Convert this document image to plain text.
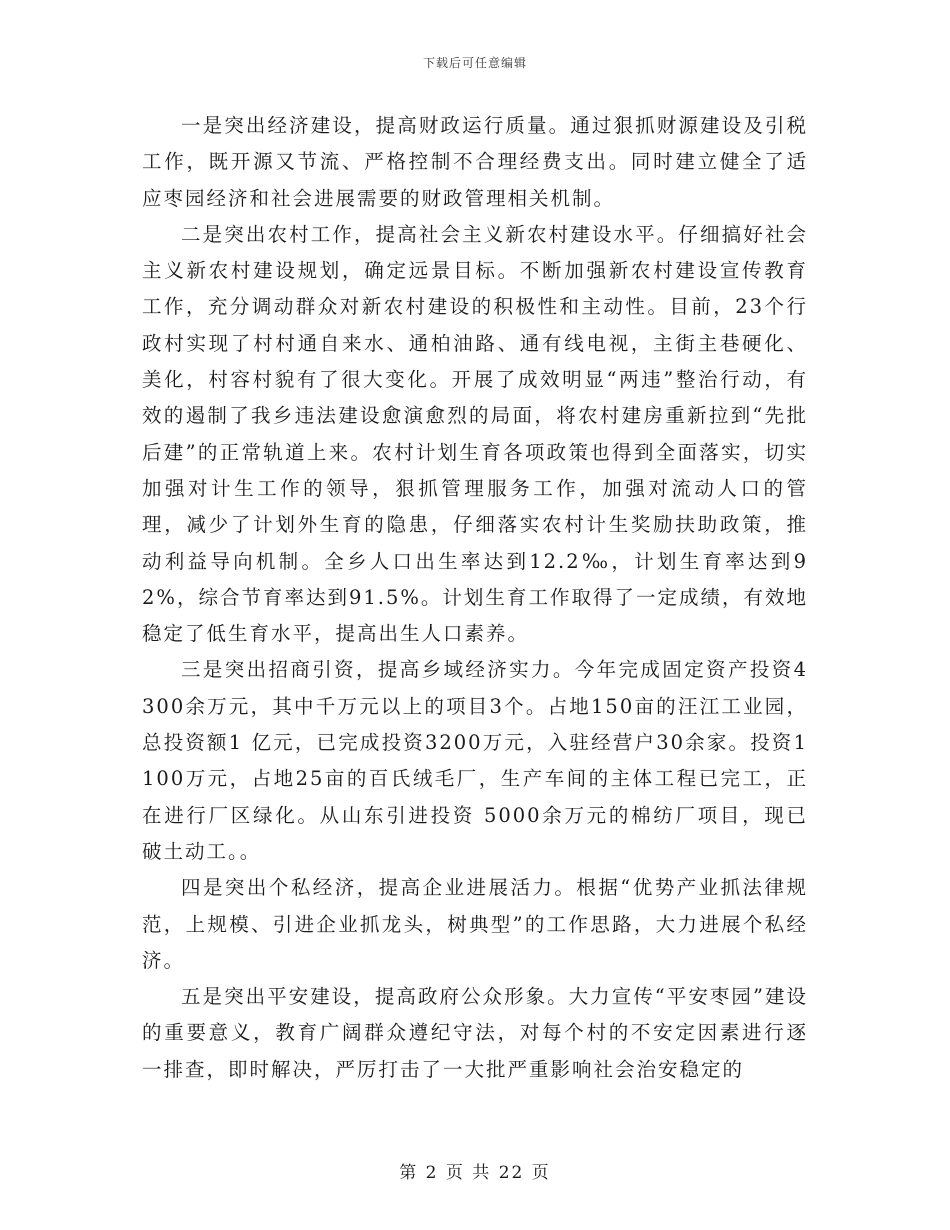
下载后可任意编辑

一是突出经济建设，提高财政运行质量。通过狠抓财源建设及引税工作，既开源又节流、严格控制不合理经费支出。同时建立健全了适应枣园经济和社会进展需要的财政管理相关机制。

二是突出农村工作，提高社会主义新农村建设水平。仔细搞好社会主义新农村建设规划，确定远景目标。不断加强新农村建设宣传教育工作，充分调动群众对新农村建设的积极性和主动性。目前，23个行政村实现了村村通自来水、通柏油路、通有线电视，主街主巷硬化、美化，村容村貌有了很大变化。开展了成效明显“两违”整治行动，有效的遏制了我乡违法建设愈演愈烈的局面，将农村建房重新拉到“先批后建”的正常轨道上来。农村计划生育各项政策也得到全面落实，切实加强对计生工作的领导，狠抓管理服务工作，加强对流动人口的管理，减少了计划外生育的隐患，仔细落实农村计生奖励扶助政策，推动利益导向机制。全乡人口出生率达到12.2‰，计划生育率达到92%，综合节育率达到91.5%。计划生育工作取得了一定成绩，有效地稳定了低生育水平，提高出生人口素养。

三是突出招商引资，提高乡域经济实力。今年完成固定资产投资4300余万元，其中千万元以上的项目3个。占地150亩的汪江工业园，总投资额1 亿元，已完成投资3200万元，入驻经营户30余家。投资1100万元，占地25亩的百氏绒毛厂，生产车间的主体工程已完工，正在进行厂区绿化。从山东引进投资 5000余万元的棉纺厂项目，现已破土动工。。

四是突出个私经济，提高企业进展活力。根据“优势产业抓法律规范，上规模、引进企业抓龙头，树典型”的工作思路，大力进展个私经济。

五是突出平安建设，提高政府公众形象。大力宣传“平安枣园”建设的重要意义，教育广阔群众遵纪守法，对每个村的不安定因素进行逐一排查，即时解决，严厉打击了一大批严重影响社会治安稳定的

第 2 页 共 22 页
